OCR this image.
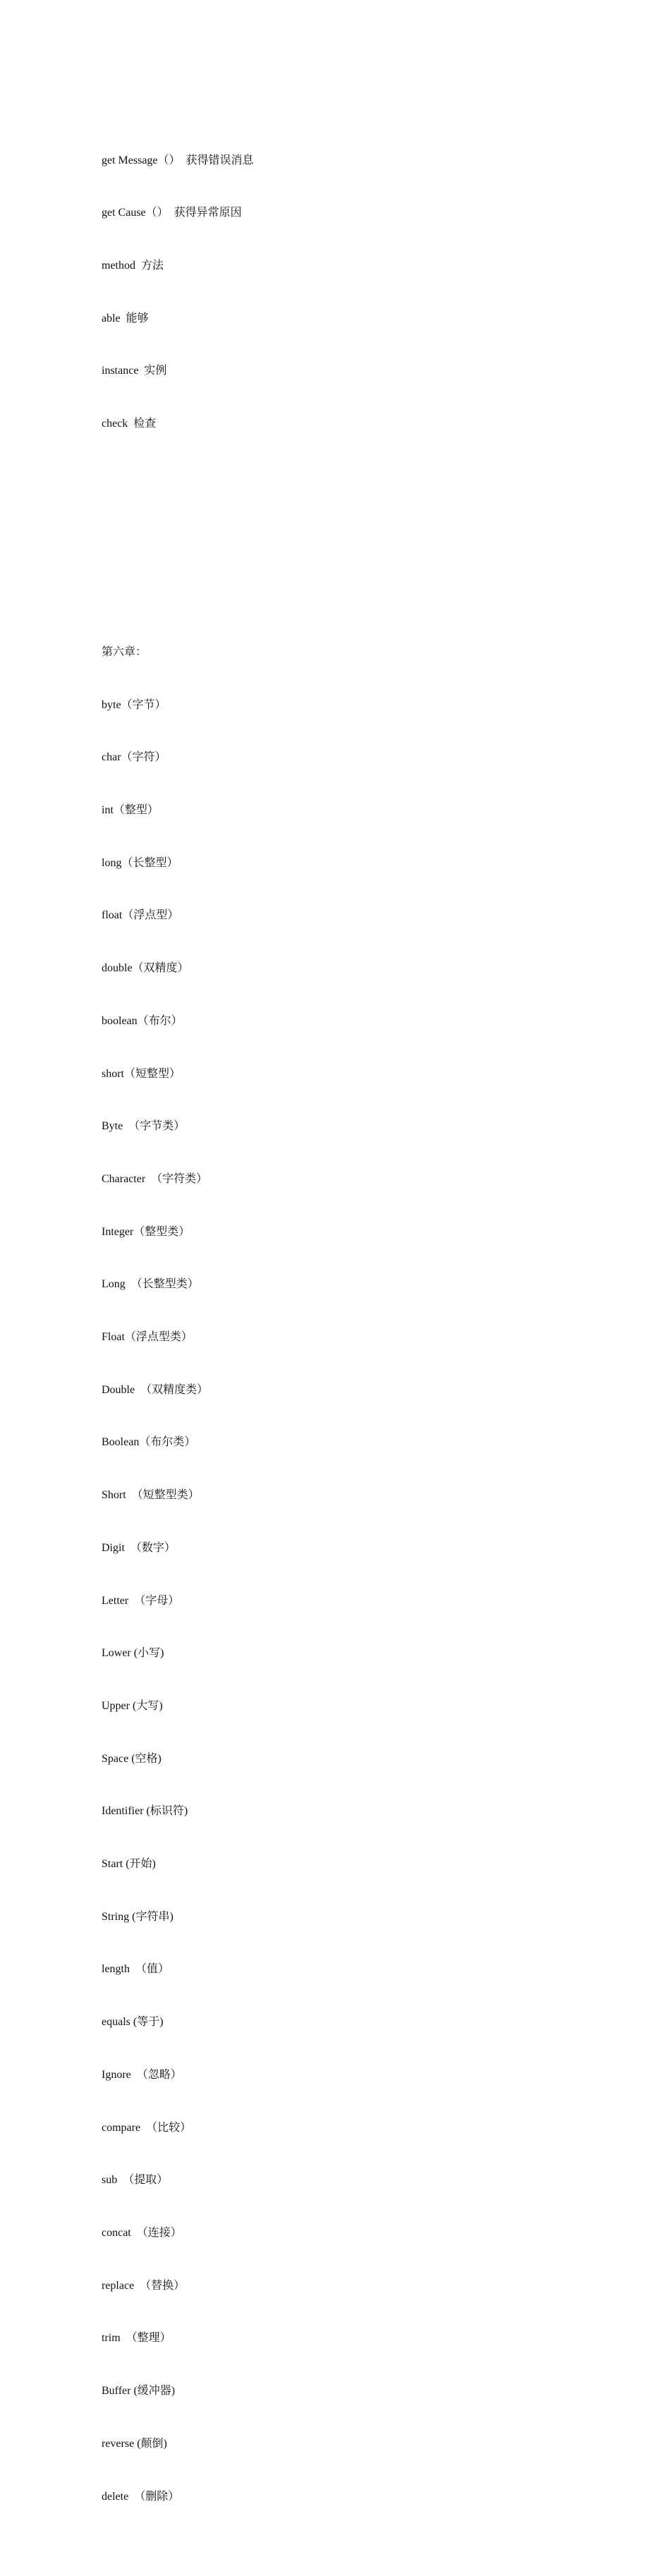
get Message（）  获得错误消息

get Cause（）  获得异常原因

method  方法

able  能够

instance  实例

check  检查

第六章：

byte（字节）

char（字符）

int（整型）

long（长整型）

float（浮点型）

double（双精度）

boolean（布尔）

short（短整型）

Byte  （字节类）

Character  （字符类）

Integer（整型类）

Long  （长整型类）

Float（浮点型类）

Double  （双精度类）

Boolean（布尔类）

Short  （短整型类）

Digit  （数字）

Letter  （字母）

Lower (小写)

Upper (大写)

Space (空格)

Identifier (标识符)

Start (开始)

String (字符串)

length  （值）

equals (等于)

Ignore  （忽略）

compare  （比较）

sub  （提取）

concat  （连接）

replace  （替换）

trim  （整理）

Buffer (缓冲器)

reverse (颠倒)

delete  （删除）
